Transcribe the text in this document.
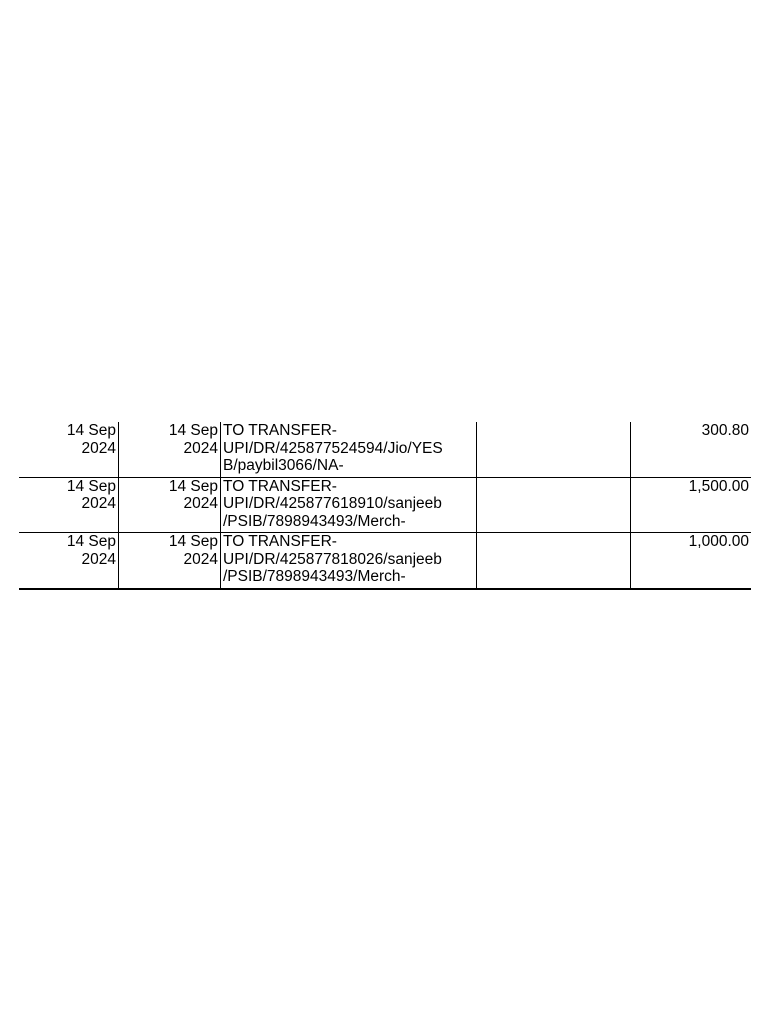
14 Sep
2024	14 Sep
2024	TO TRANSFER-
UPI/DR/425877524594/Jio/YES
B/paybil3066/NA-		300.80

14 Sep
2024	14 Sep
2024	TO TRANSFER-
UPI/DR/425877618910/sanjeeb
/PSIB/7898943493/Merch-		1,500.00

14 Sep
2024	14 Sep
2024	TO TRANSFER-
UPI/DR/425877818026/sanjeeb
/PSIB/7898943493/Merch-		1,000.00
